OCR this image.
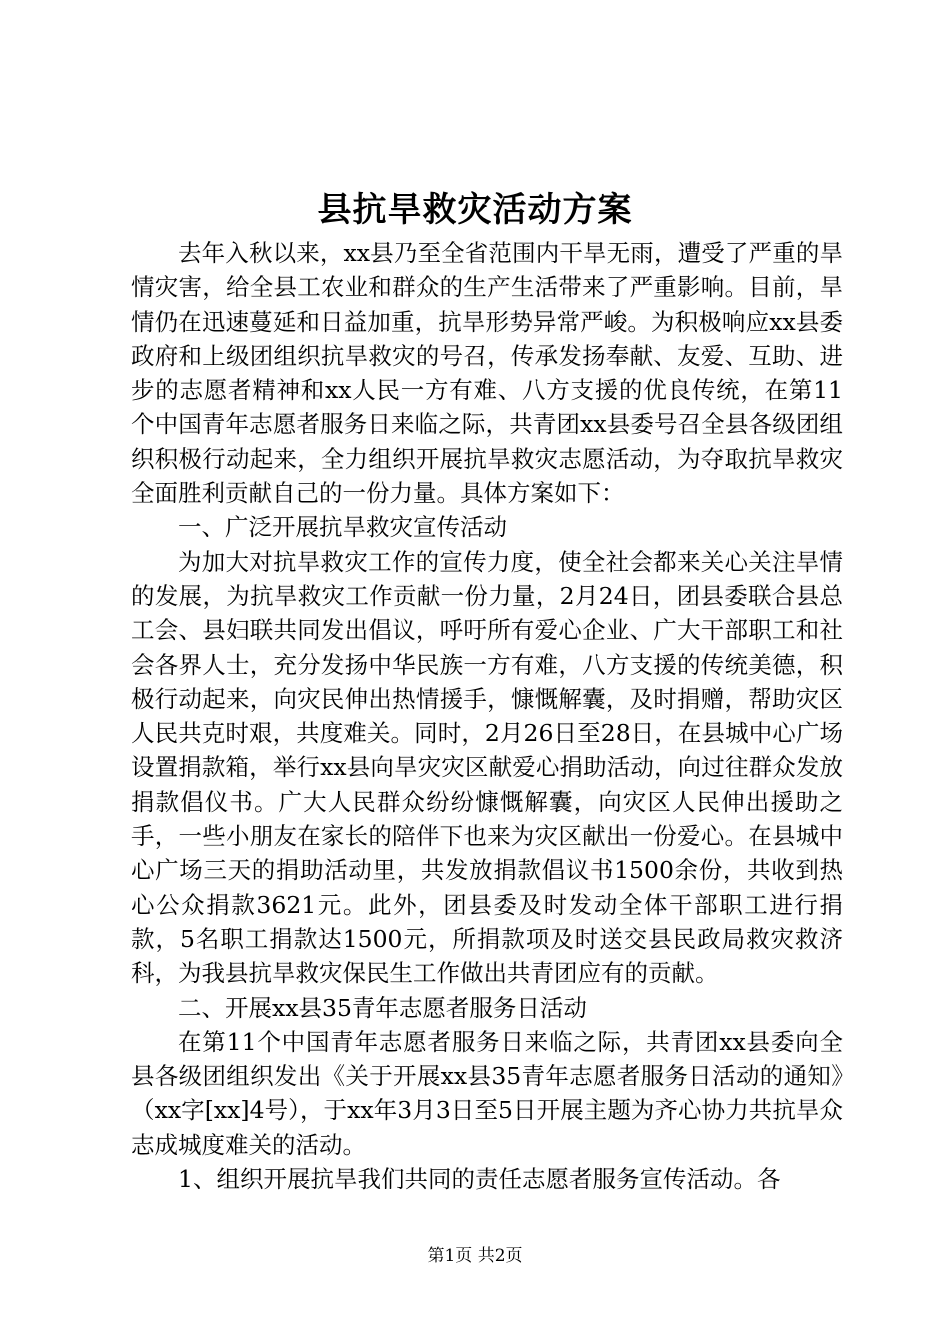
县抗旱救灾活动方案

去年入秋以来，xx县乃至全省范围内干旱无雨，遭受了严重的旱情灾害，给全县工农业和群众的生产生活带来了严重影响。目前，旱情仍在迅速蔓延和日益加重，抗旱形势异常严峻。为积极响应xx县委政府和上级团组织抗旱救灾的号召，传承发扬奉献、友爱、互助、进步的志愿者精神和xx人民一方有难、八方支援的优良传统，在第11个中国青年志愿者服务日来临之际，共青团xx县委号召全县各级团组织积极行动起来，全力组织开展抗旱救灾志愿活动，为夺取抗旱救灾全面胜利贡献自己的一份力量。具体方案如下：

一、广泛开展抗旱救灾宣传活动

为加大对抗旱救灾工作的宣传力度，使全社会都来关心关注旱情的发展，为抗旱救灾工作贡献一份力量，2月24日，团县委联合县总工会、县妇联共同发出倡议，呼吁所有爱心企业、广大干部职工和社会各界人士，充分发扬中华民族一方有难，八方支援的传统美德，积极行动起来，向灾民伸出热情援手，慷慨解囊，及时捐赠，帮助灾区人民共克时艰，共度难关。同时，2月26日至28日，在县城中心广场设置捐款箱，举行xx县向旱灾灾区献爱心捐助活动，向过往群众发放捐款倡仪书。广大人民群众纷纷慷慨解囊，向灾区人民伸出援助之手，一些小朋友在家长的陪伴下也来为灾区献出一份爱心。在县城中心广场三天的捐助活动里，共发放捐款倡议书1500余份，共收到热心公众捐款3621元。此外，团县委及时发动全体干部职工进行捐款，5名职工捐款达1500元，所捐款项及时送交县民政局救灾救济科，为我县抗旱救灾保民生工作做出共青团应有的贡献。

二、开展xx县35青年志愿者服务日活动

在第11个中国青年志愿者服务日来临之际，共青团xx县委向全县各级团组织发出《关于开展xx县35青年志愿者服务日活动的通知》（xx字[xx]4号），于xx年3月3日至5日开展主题为齐心协力共抗旱众志成城度难关的活动。

1、组织开展抗旱我们共同的责任志愿者服务宣传活动。各

第1页 共2页
